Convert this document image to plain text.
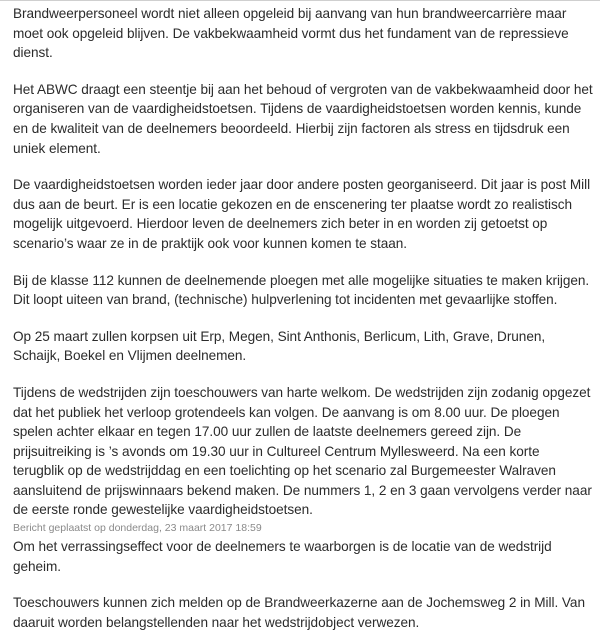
Brandweerpersoneel wordt niet alleen opgeleid bij aanvang van hun brandweercarrière maar moet ook opgeleid blijven. De vakbekwaamheid vormt dus het fundament van de repressieve dienst.

Het ABWC draagt een steentje bij aan het behoud of vergroten van de vakbekwaamheid door het organiseren van de vaardigheidstoetsen. Tijdens de vaardigheidstoetsen worden kennis, kunde en de kwaliteit van de deelnemers beoordeeld. Hierbij zijn factoren als stress en tijdsdruk een uniek element.

De vaardigheidstoetsen worden ieder jaar door andere posten georganiseerd. Dit jaar is post Mill dus aan de beurt. Er is een locatie gekozen en de enscenering ter plaatse wordt zo realistisch mogelijk uitgevoerd. Hierdoor leven de deelnemers zich beter in en worden zij getoetst op scenario’s waar ze in de praktijk ook voor kunnen komen te staan.

Bij de klasse 112 kunnen de deelnemende ploegen met alle mogelijke situaties te maken krijgen. Dit loopt uiteen van brand, (technische) hulpverlening tot incidenten met gevaarlijke stoffen.

Op 25 maart zullen korpsen uit Erp, Megen, Sint Anthonis, Berlicum, Lith, Grave, Drunen, Schaijk, Boekel en Vlijmen deelnemen.

Tijdens de wedstrijden zijn toeschouwers van harte welkom. De wedstrijden zijn zodanig opgezet dat het publiek het verloop grotendeels kan volgen. De aanvang is om 8.00 uur. De ploegen spelen achter elkaar en tegen 17.00 uur zullen de laatste deelnemers gereed zijn. De prijsuitreiking is ’s avonds om 19.30 uur in Cultureel Centrum Myllesweerd. Na een korte terugblik op de wedstrijddag en een toelichting op het scenario zal Burgemeester Walraven aansluitend de prijswinnaars bekend maken. De nummers 1, 2 en 3 gaan vervolgens verder naar de eerste ronde gewestelijke vaardigheidstoetsen.

Om het verrassingseffect voor de deelnemers te waarborgen is de locatie van de wedstrijd geheim.

Toeschouwers kunnen zich melden op de Brandweerkazerne aan de Jochemsweg 2 in Mill. Van daaruit worden belangstellenden naar het wedstrijdobject verwezen.

Bericht geplaatst op donderdag, 23 maart 2017 18:59
